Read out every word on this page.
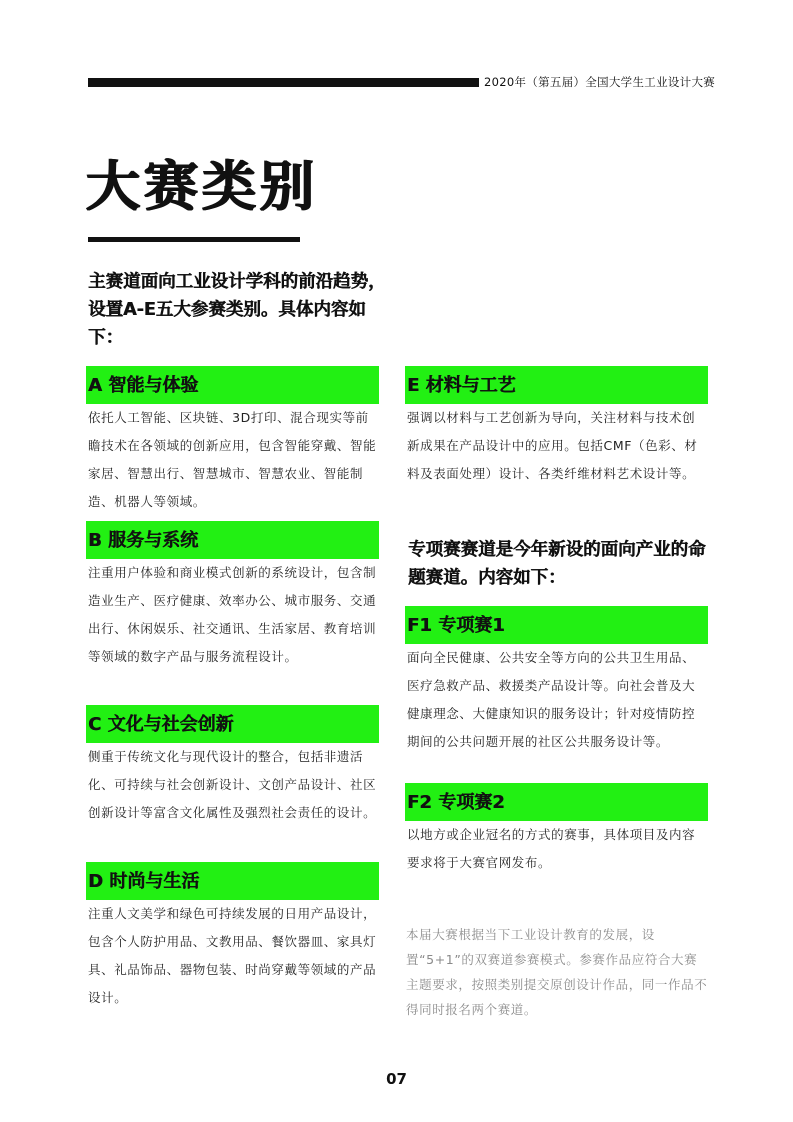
2020年（第五届）全国大学生工业设计大赛
大赛类别
主赛道面向工业设计学科的前沿趋势，设置A-E五大参赛类别。具体内容如下：
A 智能与体验
依托人工智能、区块链、3D打印、混合现实等前瞻技术在各领域的创新应用，包含智能穿戴、智能家居、智慧出行、智慧城市、智慧农业、智能制造、机器人等领域。
B 服务与系统
注重用户体验和商业模式创新的系统设计，包含制造业生产、医疗健康、效率办公、城市服务、交通出行、休闲娱乐、社交通讯、生活家居、教育培训等领域的数字产品与服务流程设计。
C 文化与社会创新
侧重于传统文化与现代设计的整合，包括非遗活化、可持续与社会创新设计、文创产品设计、社区创新设计等富含文化属性及强烈社会责任的设计。
D 时尚与生活
注重人文美学和绿色可持续发展的日用产品设计，包含个人防护用品、文教用品、餐饮器皿、家具灯具、礼品饰品、器物包装、时尚穿戴等领域的产品设计。
E 材料与工艺
强调以材料与工艺创新为导向，关注材料与技术创新成果在产品设计中的应用。包括CMF（色彩、材料及表面处理）设计、各类纤维材料艺术设计等。
专项赛赛道是今年新设的面向产业的命题赛道。内容如下：
F1 专项赛1
面向全民健康、公共安全等方向的公共卫生用品、医疗急救产品、救援类产品设计等。向社会普及大健康理念、大健康知识的服务设计；针对疫情防控期间的公共问题开展的社区公共服务设计等。
F2 专项赛2
以地方或企业冠名的方式的赛事，具体项目及内容要求将于大赛官网发布。
本届大赛根据当下工业设计教育的发展，设置“5+1”的双赛道参赛模式。参赛作品应符合大赛主题要求，按照类别提交原创设计作品，同一作品不得同时报名两个赛道。
07
